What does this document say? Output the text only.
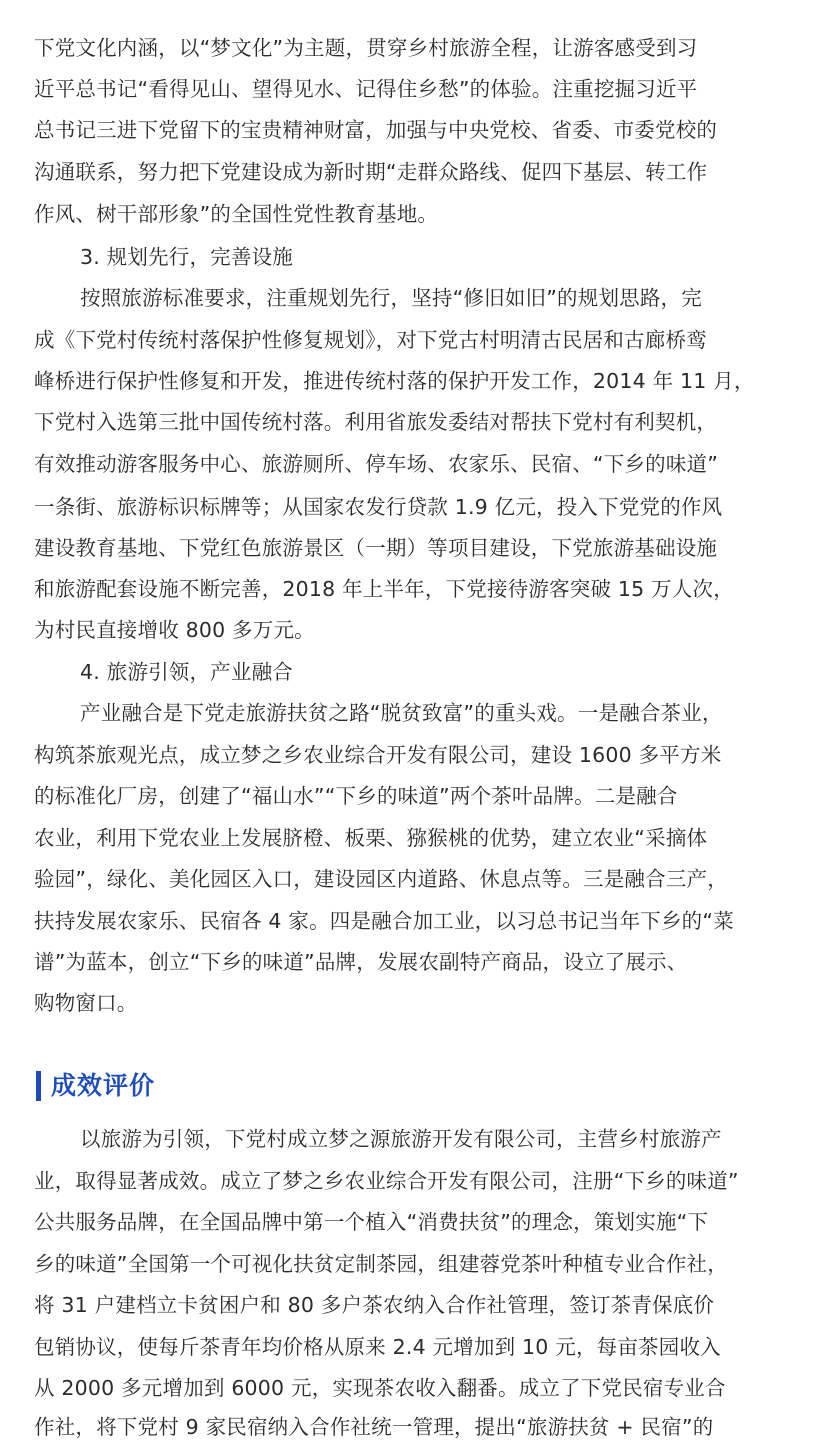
下党文化内涵，以“梦文化”为主题，贯穿乡村旅游全程，让游客感受到习
近平总书记“看得见山、望得见水、记得住乡愁”的体验。注重挖掘习近平
总书记三进下党留下的宝贵精神财富，加强与中央党校、省委、市委党校的
沟通联系，努力把下党建设成为新时期“走群众路线、促四下基层、转工作
作风、树干部形象”的全国性党性教育基地。
3. 规划先行，完善设施
按照旅游标准要求，注重规划先行，坚持“修旧如旧”的规划思路，完
成《下党村传统村落保护性修复规划》，对下党古村明清古民居和古廊桥鸾
峰桥进行保护性修复和开发，推进传统村落的保护开发工作，2014 年 11 月，
下党村入选第三批中国传统村落。利用省旅发委结对帮扶下党村有利契机，
有效推动游客服务中心、旅游厕所、停车场、农家乐、民宿、“下乡的味道”
一条街、旅游标识标牌等；从国家农发行贷款 1.9 亿元，投入下党党的作风
建设教育基地、下党红色旅游景区（一期）等项目建设，下党旅游基础设施
和旅游配套设施不断完善，2018 年上半年，下党接待游客突破 15 万人次，
为村民直接增收 800 多万元。
4. 旅游引领，产业融合
产业融合是下党走旅游扶贫之路“脱贫致富”的重头戏。一是融合茶业，
构筑茶旅观光点，成立梦之乡农业综合开发有限公司，建设 1600 多平方米
的标准化厂房，创建了“福山水”“下乡的味道”两个茶叶品牌。二是融合
农业，利用下党农业上发展脐橙、板栗、猕猴桃的优势，建立农业“采摘体
验园”，绿化、美化园区入口，建设园区内道路、休息点等。三是融合三产，
扶持发展农家乐、民宿各 4 家。四是融合加工业，以习总书记当年下乡的“菜
谱”为蓝本，创立“下乡的味道”品牌，发展农副特产商品，设立了展示、
购物窗口。
成效评价
以旅游为引领，下党村成立梦之源旅游开发有限公司，主营乡村旅游产
业，取得显著成效。成立了梦之乡农业综合开发有限公司，注册“下乡的味道”
公共服务品牌，在全国品牌中第一个植入“消费扶贫”的理念，策划实施“下
乡的味道”全国第一个可视化扶贫定制茶园，组建蓉党茶叶种植专业合作社，
将 31 户建档立卡贫困户和 80 多户茶农纳入合作社管理，签订茶青保底价
包销协议，使每斤茶青年均价格从原来 2.4 元增加到 10 元，每亩茶园收入
从 2000 多元增加到 6000 元，实现茶农收入翻番。成立了下党民宿专业合
作社，将下党村 9 家民宿纳入合作社统一管理，提出“旅游扶贫 + 民宿”的
